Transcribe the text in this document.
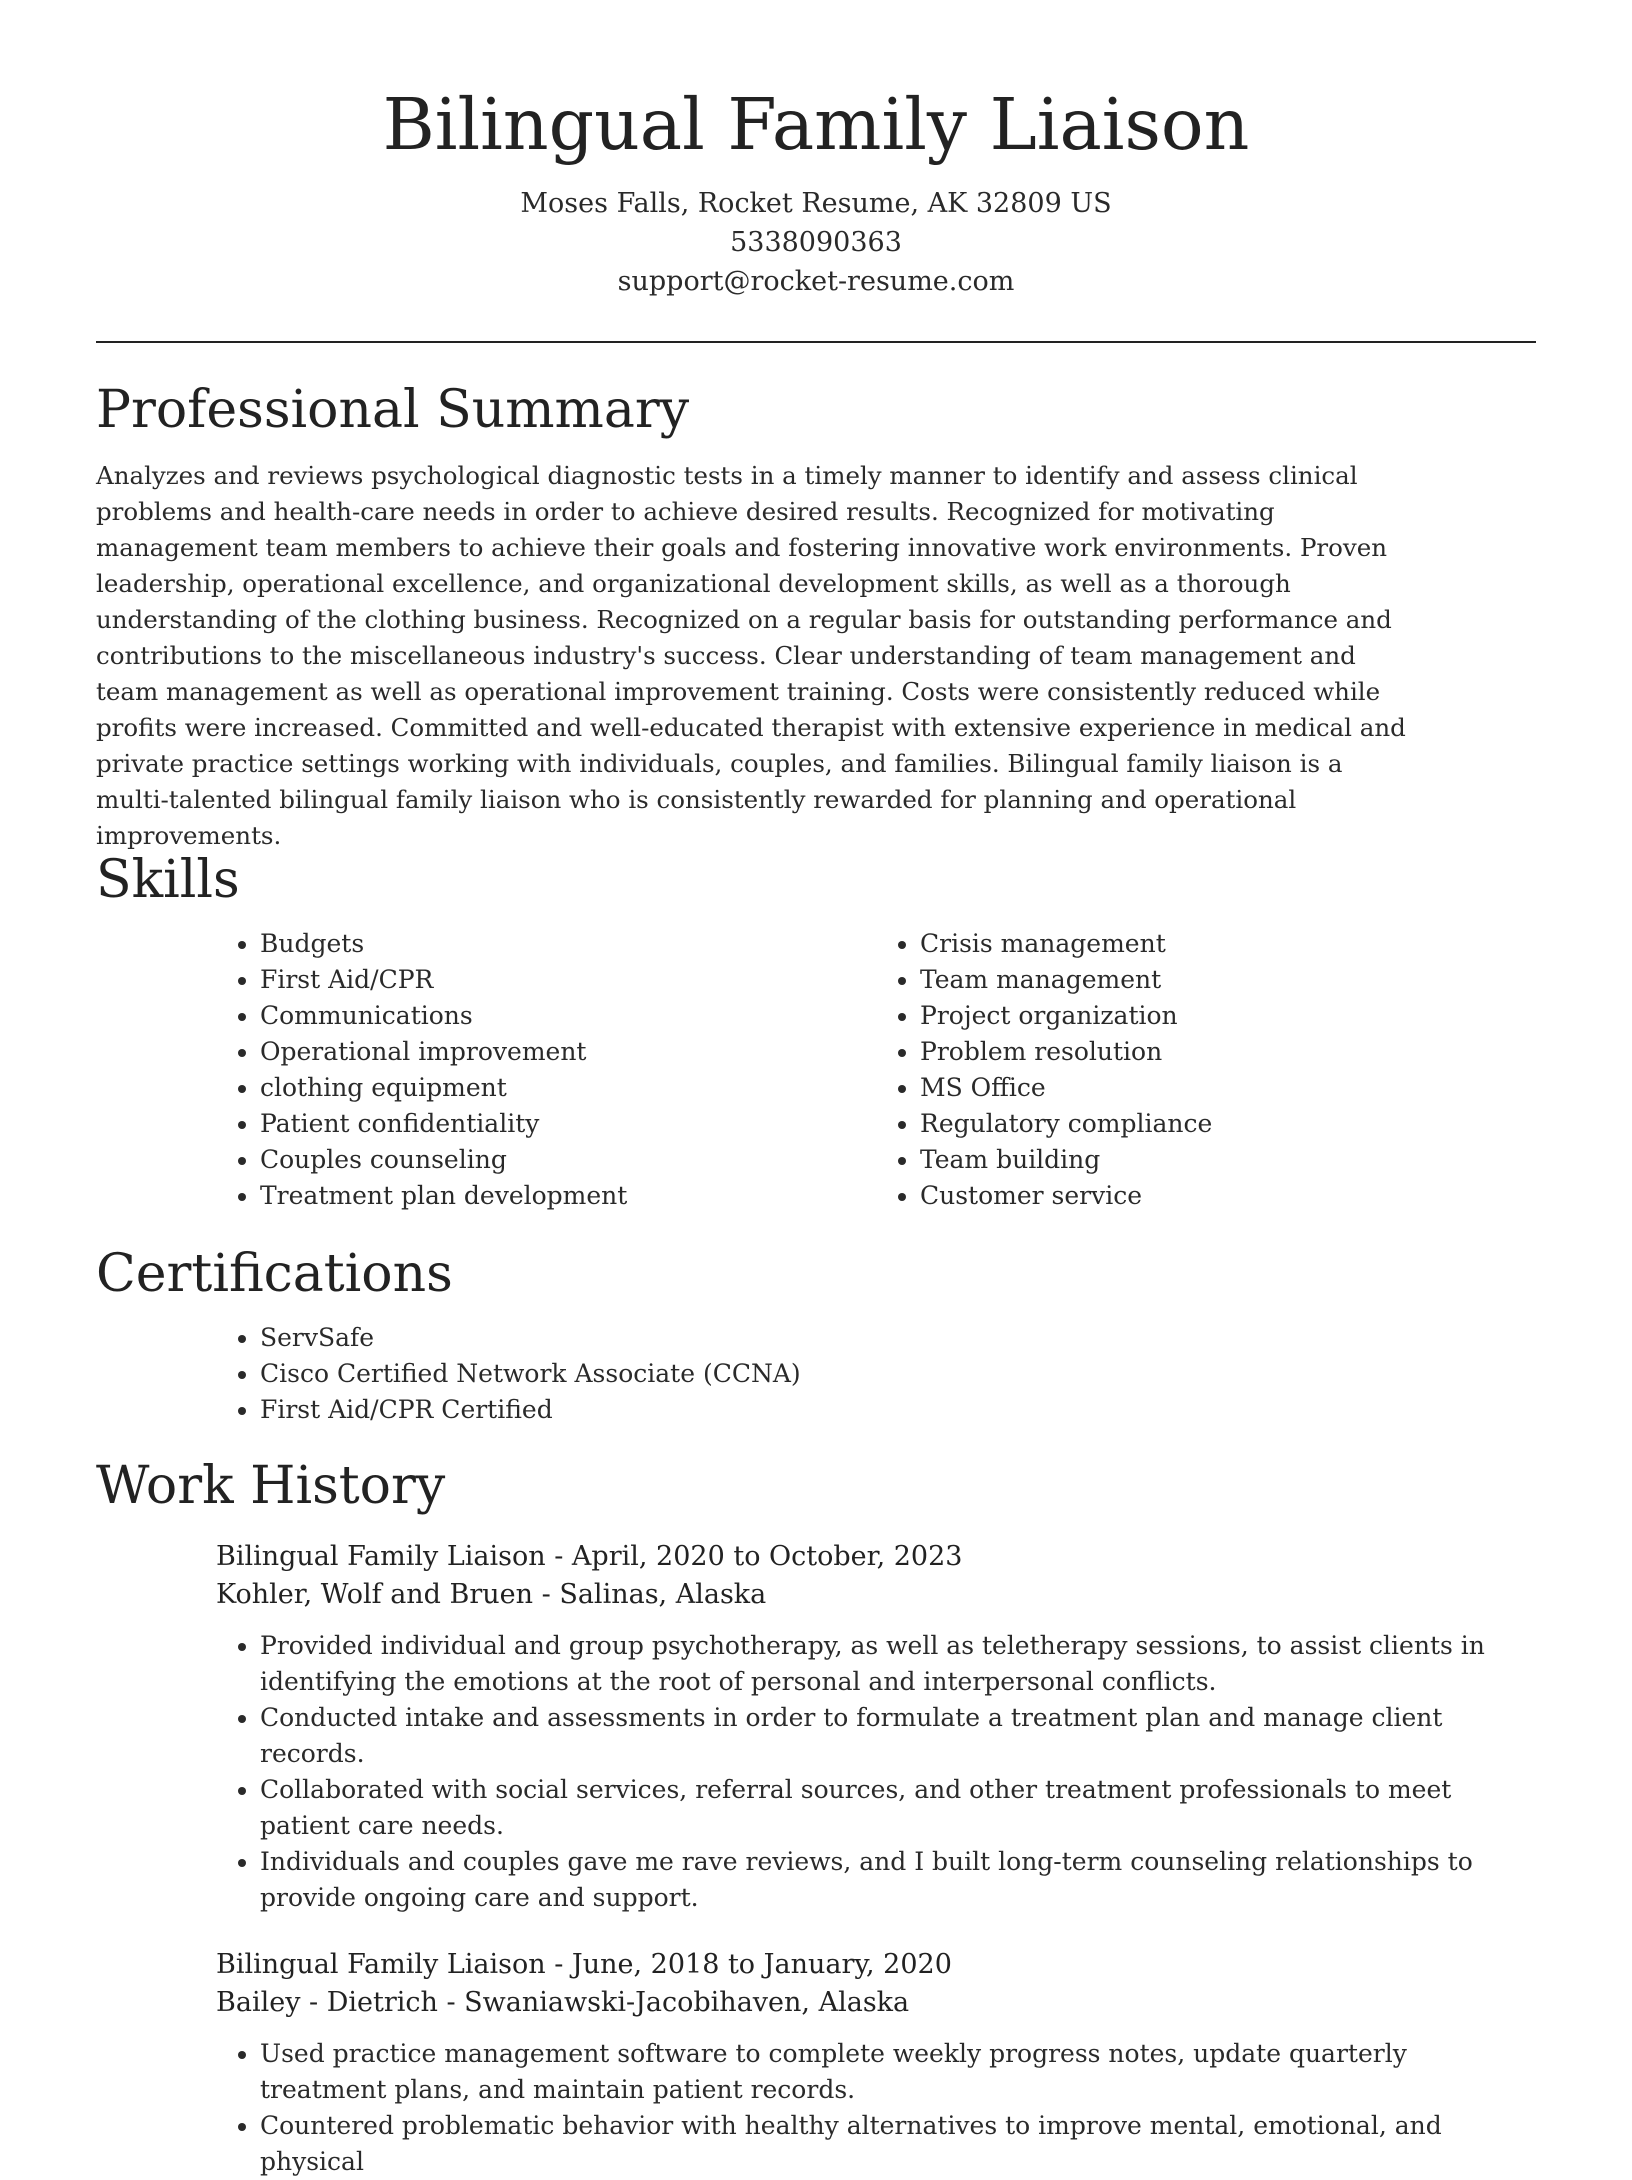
Bilingual Family Liaison
Moses Falls, Rocket Resume, AK 32809 US
5338090363
support@rocket-resume.com
Professional Summary

Analyzes and reviews psychological diagnostic tests in a timely manner to identify and assess clinical problems and health-care needs in order to achieve desired results. Recognized for motivating management team members to achieve their goals and fostering innovative work environments. Proven leadership, operational excellence, and organizational development skills, as well as a thorough understanding of the clothing business. Recognized on a regular basis for outstanding performance and contributions to the miscellaneous industry's success. Clear understanding of team management and team management as well as operational improvement training. Costs were consistently reduced while profits were increased. Committed and well-educated therapist with extensive experience in medical and private practice settings working with individuals, couples, and families. Bilingual family liaison is a multi-talented bilingual family liaison who is consistently rewarded for planning and operational improvements.

Skills
• Budgets
• First Aid/CPR
• Communications
• Operational improvement
• clothing equipment
• Patient confidentiality
• Couples counseling
• Treatment plan development
• Crisis management
• Team management
• Project organization
• Problem resolution
• MS Office
• Regulatory compliance
• Team building
• Customer service
Certifications
• ServSafe
• Cisco Certified Network Associate (CCNA)
• First Aid/CPR Certified
Work History
Bilingual Family Liaison - April, 2020 to October, 2023
Kohler, Wolf and Bruen - Salinas, Alaska
• Provided individual and group psychotherapy, as well as teletherapy sessions, to assist clients in identifying the emotions at the root of personal and interpersonal conflicts.
• Conducted intake and assessments in order to formulate a treatment plan and manage client records.
• Collaborated with social services, referral sources, and other treatment professionals to meet patient care needs.
• Individuals and couples gave me rave reviews, and I built long-term counseling relationships to provide ongoing care and support.
Bilingual Family Liaison - June, 2018 to January, 2020
Bailey - Dietrich - Swaniawski-Jacobihaven, Alaska
• Used practice management software to complete weekly progress notes, update quarterly treatment plans, and maintain patient records.
• Countered problematic behavior with healthy alternatives to improve mental, emotional, and physical
